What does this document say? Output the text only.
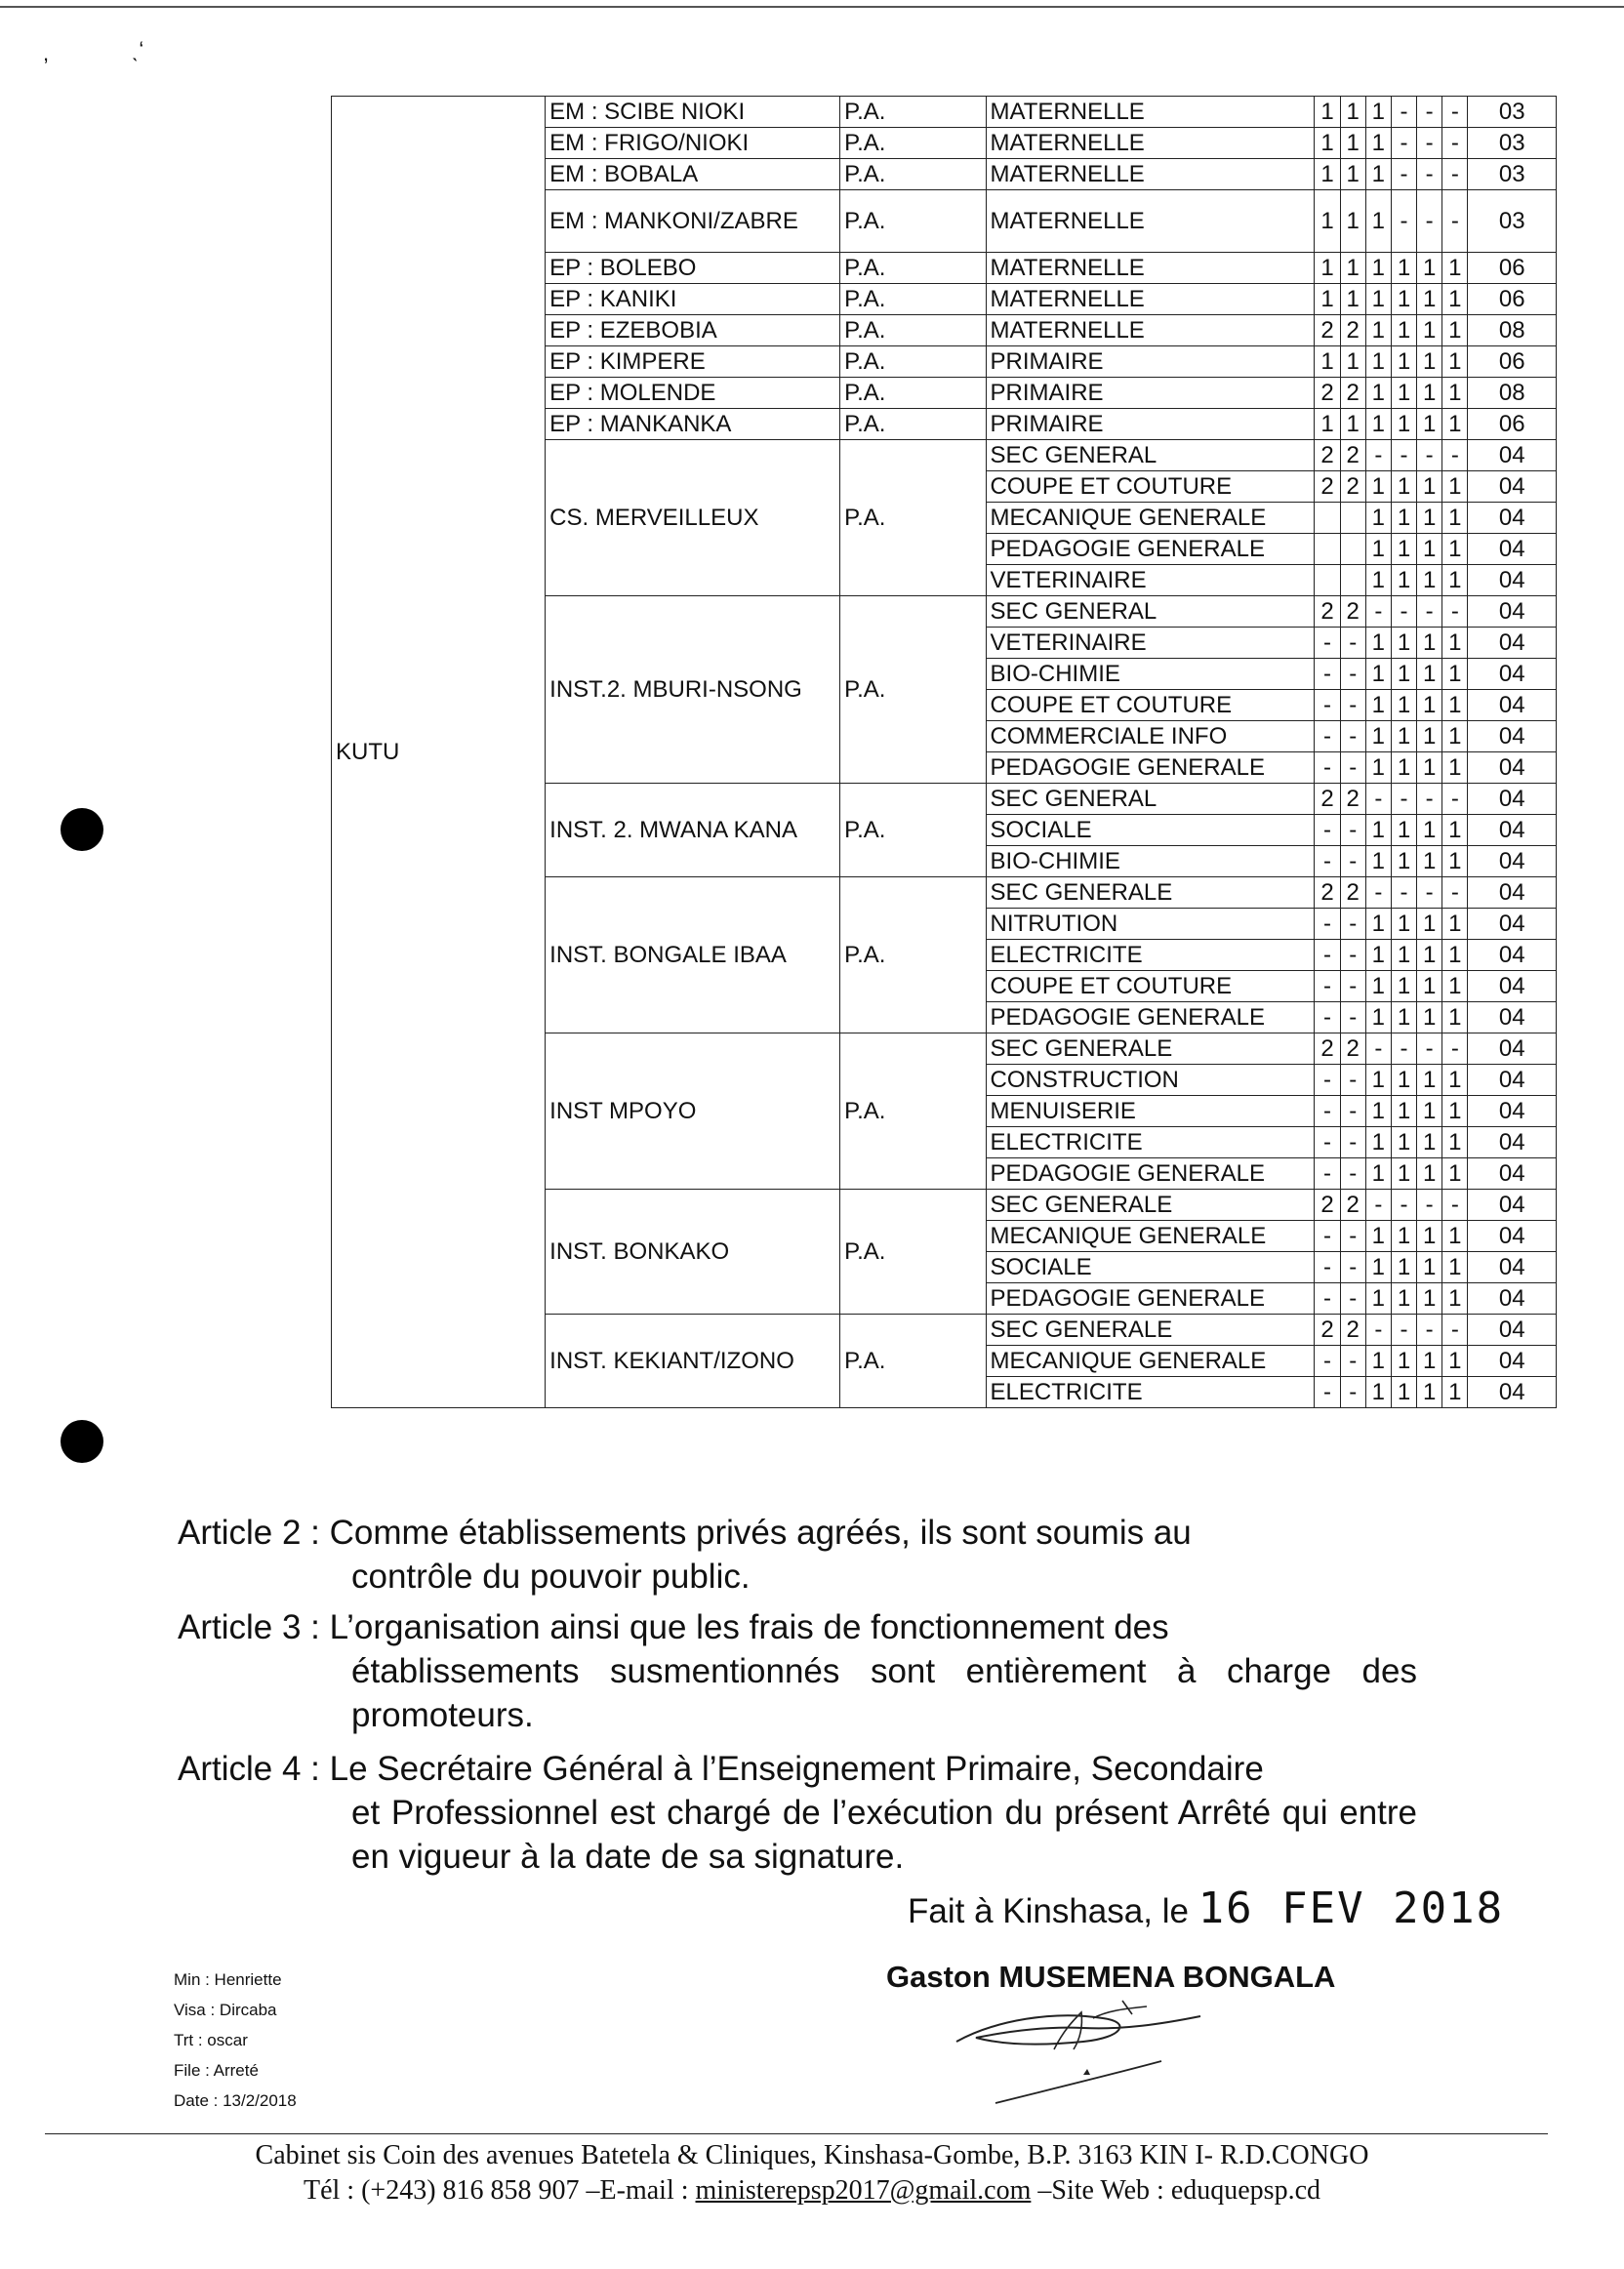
,	ˎ‘
KUTU	EM : SCIBE NIOKI	P.A.	MATERNELLE	1	1	1	-	-	-	03
	EM : FRIGO/NIOKI	P.A.	MATERNELLE	1	1	1	-	-	-	03
	EM : BOBALA	P.A.	MATERNELLE	1	1	1	-	-	-	03
	EM : MANKONI/ZABRE	P.A.	MATERNELLE	1	1	1	-	-	-	03
	EP : BOLEBO	P.A.	MATERNELLE	1	1	1	1	1	1	06
	EP : KANIKI	P.A.	MATERNELLE	1	1	1	1	1	1	06
	EP : EZEBOBIA	P.A.	MATERNELLE	2	2	1	1	1	1	08
	EP : KIMPERE	P.A.	PRIMAIRE	1	1	1	1	1	1	06
	EP : MOLENDE	P.A.	PRIMAIRE	2	2	1	1	1	1	08
	EP : MANKANKA	P.A.	PRIMAIRE	1	1	1	1	1	1	06
	CS. MERVEILLEUX	P.A.	SEC GENERAL	2	2	-	-	-	-	04
			COUPE ET COUTURE	2	2	1	1	1	1	04
			MECANIQUE GENERALE			1	1	1	1	04
			PEDAGOGIE GENERALE			1	1	1	1	04
			VETERINAIRE			1	1	1	1	04
	INST.2. MBURI-NSONG	P.A.	SEC GENERAL	2	2	-	-	-	-	04
			VETERINAIRE	-	-	1	1	1	1	04
			BIO-CHIMIE	-	-	1	1	1	1	04
			COUPE ET COUTURE	-	-	1	1	1	1	04
			COMMERCIALE INFO	-	-	1	1	1	1	04
			PEDAGOGIE GENERALE	-	-	1	1	1	1	04
	INST. 2. MWANA KANA	P.A.	SEC GENERAL	2	2	-	-	-	-	04
			SOCIALE	-	-	1	1	1	1	04
			BIO-CHIMIE	-	-	1	1	1	1	04
	INST. BONGALE IBAA	P.A.	SEC GENERALE	2	2	-	-	-	-	04
			NITRUTION	-	-	1	1	1	1	04
			ELECTRICITE	-	-	1	1	1	1	04
			COUPE ET COUTURE	-	-	1	1	1	1	04
			PEDAGOGIE GENERALE	-	-	1	1	1	1	04
	INST MPOYO	P.A.	SEC GENERALE	2	2	-	-	-	-	04
			CONSTRUCTION	-	-	1	1	1	1	04
			MENUISERIE	-	-	1	1	1	1	04
			ELECTRICITE	-	-	1	1	1	1	04
			PEDAGOGIE GENERALE	-	-	1	1	1	1	04
	INST. BONKAKO	P.A.	SEC GENERALE	2	2	-	-	-	-	04
			MECANIQUE GENERALE	-	-	1	1	1	1	04
			SOCIALE	-	-	1	1	1	1	04
			PEDAGOGIE GENERALE	-	-	1	1	1	1	04
	INST. KEKIANT/IZONO	P.A.	SEC GENERALE	2	2	-	-	-	-	04
			MECANIQUE GENERALE	-	-	1	1	1	1	04
			ELECTRICITE	-	-	1	1	1	1	04
Article 2 : Comme établissements privés agréés, ils sont soumis au
contrôle du pouvoir public.
Article 3 : L’organisation ainsi que les frais de fonctionnement des
établissements susmentionnés sont entièrement à charge des promoteurs.
Article 4 : Le Secrétaire Général à l’Enseignement Primaire, Secondaire
et Professionnel est chargé de l’exécution du présent Arrêté qui entre en vigueur à la date de sa signature.
Fait à Kinshasa, le 16 FEV 2018
Gaston MUSEMENA BONGALA
Min : Henriette
Visa : Dircaba
Trt : oscar
File : Arreté
Date : 13/2/2018
Cabinet sis Coin des avenues Batetela & Cliniques, Kinshasa-Gombe, B.P. 3163 KIN I- R.D.CONGO
Tél : (+243) 816 858 907 –E-mail : ministerepsp2017@gmail.com –Site Web : eduquepsp.cd
